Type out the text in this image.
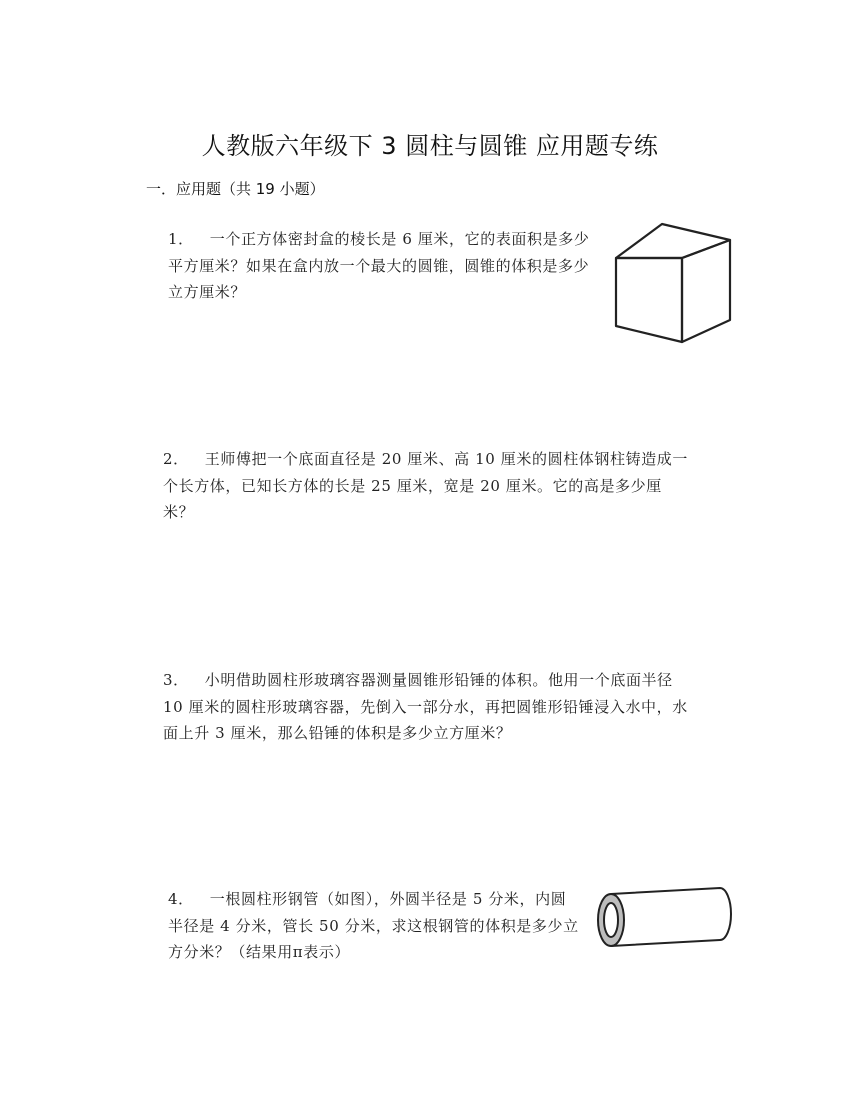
人教版六年级下 3 圆柱与圆锥 应用题专练
一．应用题（共 19 小题）
1． 一个正方体密封盒的棱长是 6 厘米，它的表面积是多少平方厘米？如果在盒内放一个最大的圆锥，圆锥的体积是多少立方厘米？
2． 王师傅把一个底面直径是 20 厘米、高 10 厘米的圆柱体钢柱铸造成一个长方体，已知长方体的长是 25 厘米，宽是 20 厘米。它的高是多少厘米？
3． 小明借助圆柱形玻璃容器测量圆锥形铅锤的体积。他用一个底面半径 10 厘米的圆柱形玻璃容器，先倒入一部分水，再把圆锥形铅锤浸入水中，水面上升 3 厘米，那么铅锤的体积是多少立方厘米？
4． 一根圆柱形钢管（如图），外圆半径是 5 分米，内圆半径是 4 分米，管长 50 分米，求这根钢管的体积是多少立方分米？（结果用π表示）
